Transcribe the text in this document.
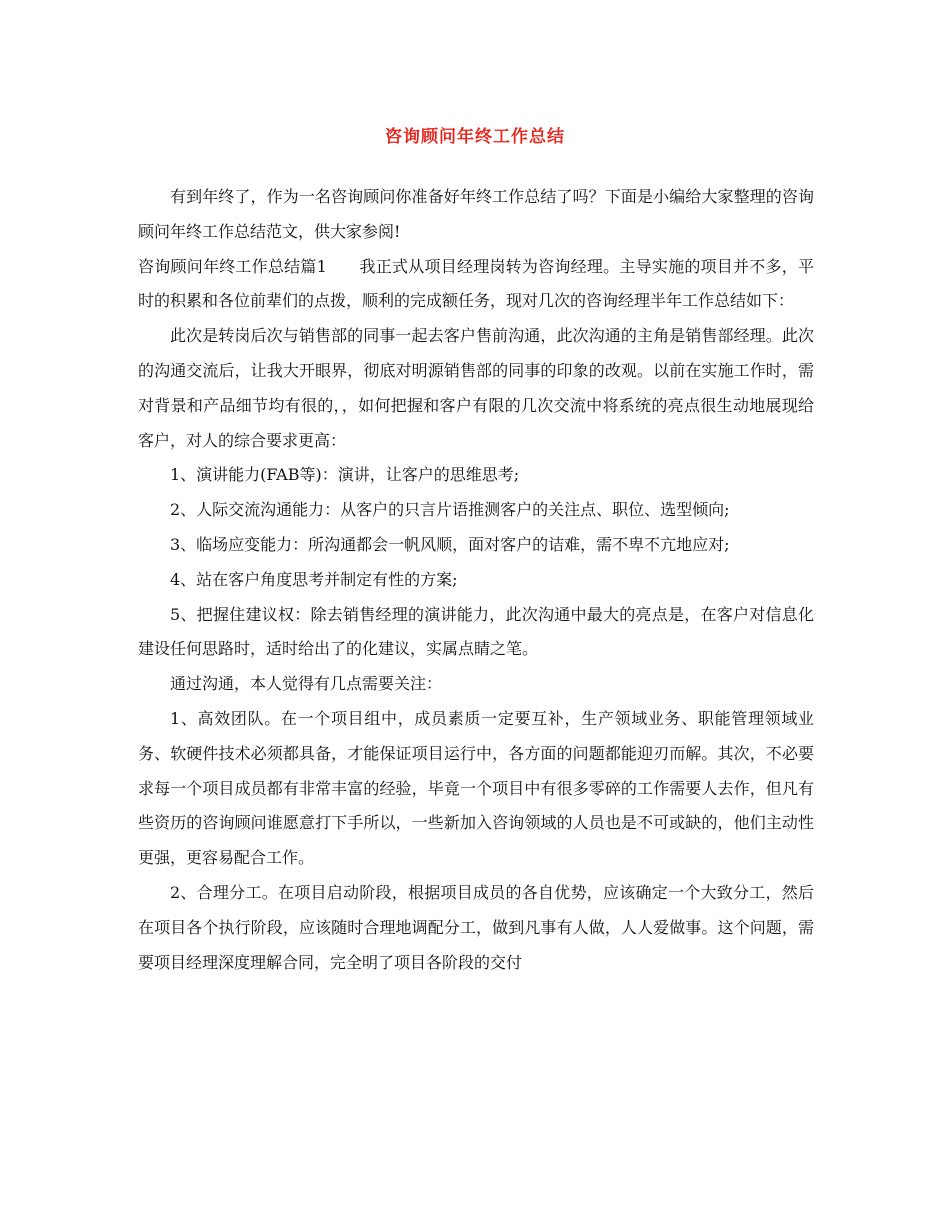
咨询顾问年终工作总结

有到年终了，作为一名咨询顾问你准备好年终工作总结了吗？下面是小编给大家整理的咨询顾问年终工作总结范文，供大家参阅!

咨询顾问年终工作总结篇1　　我正式从项目经理岗转为咨询经理。主导实施的项目并不多，平时的积累和各位前辈们的点拨，顺利的完成额任务，现对几次的咨询经理半年工作总结如下：

此次是转岗后次与销售部的同事一起去客户售前沟通，此次沟通的主角是销售部经理。此次的沟通交流后，让我大开眼界，彻底对明源销售部的同事的印象的改观。以前在实施工作时，需对背景和产品细节均有很的，，如何把握和客户有限的几次交流中将系统的亮点很生动地展现给客户，对人的综合要求更高：

1、演讲能力(FAB等)：演讲，让客户的思维思考;

2、人际交流沟通能力：从客户的只言片语推测客户的关注点、职位、选型倾向;

3、临场应变能力：所沟通都会一帆风顺，面对客户的诘难，需不卑不亢地应对;

4、站在客户角度思考并制定有性的方案;

5、把握住建议权：除去销售经理的演讲能力，此次沟通中最大的亮点是，在客户对信息化建设任何思路时，适时给出了的化建议，实属点睛之笔。

通过沟通，本人觉得有几点需要关注：

1、高效团队。在一个项目组中，成员素质一定要互补，生产领域业务、职能管理领域业务、软硬件技术必须都具备，才能保证项目运行中，各方面的问题都能迎刃而解。其次，不必要求每一个项目成员都有非常丰富的经验，毕竟一个项目中有很多零碎的工作需要人去作，但凡有些资历的咨询顾问谁愿意打下手所以，一些新加入咨询领域的人员也是不可或缺的，他们主动性更强，更容易配合工作。

2、合理分工。在项目启动阶段，根据项目成员的各自优势，应该确定一个大致分工，然后在项目各个执行阶段，应该随时合理地调配分工，做到凡事有人做，人人爱做事。这个问题，需要项目经理深度理解合同，完全明了项目各阶段的交付
